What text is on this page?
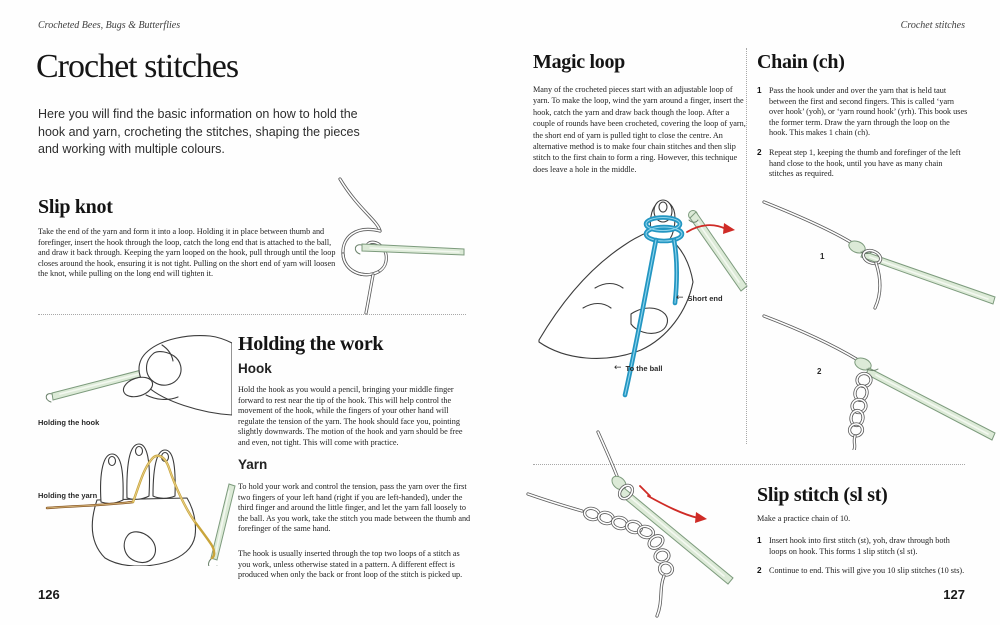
Crocheted Bees, Bugs & Butterflies
Crochet stitches
Here you will find the basic information on how to hold the hook and yarn, crocheting the stitches, shaping the pieces and working with multiple colours.
Slip knot
Take the end of the yarn and form it into a loop. Holding it in place between thumb and forefinger, insert the hook through the loop, catch the long end that is attached to the ball, and draw it back through. Keeping the yarn looped on the hook, pull through until the loop closes around the hook, ensuring it is not tight. Pulling on the short end of yarn will loosen the knot, while pulling on the long end will tighten it.
Holding the work
Hook
Hold the hook as you would a pencil, bringing your middle finger forward to rest near the tip of the hook. This will help control the movement of the hook, while the fingers of your other hand will regulate the tension of the yarn. The hook should face you, pointing slightly downwards. The motion of the hook and yarn should be free and even, not tight. This will come with practice.
Yarn
To hold your work and control the tension, pass the yarn over the first two fingers of your left hand (right if you are left-handed), under the third finger and around the little finger, and let the yarn fall loosely to the ball. As you work, take the stitch you made between the thumb and forefinger of the same hand.
The hook is usually inserted through the top two loops of a stitch as you work, unless otherwise stated in a pattern. A different effect is produced when only the back or front loop of the stitch is picked up.
Holding the hook
Holding the yarn
126
Crochet stitches
Magic loop
Many of the crocheted pieces start with an adjustable loop of yarn. To make the loop, wind the yarn around a finger, insert the hook, catch the yarn and draw back though the loop. After a couple of rounds have been crocheted, covering the loop of yarn, the short end of yarn is pulled tight to close the centre. An alternative method is to make four chain stitches and then slip stitch to the first chain to form a ring. However, this technique does leave a hole in the middle.
← Short end
← To the ball
Chain (ch)
1 Pass the hook under and over the yarn that is held taut between the first and second fingers. This is called ‘yarn over hook’ (yoh), or ‘yarn round hook’ (yrh). This book uses the former term. Draw the yarn through the loop on the hook. This makes 1 chain (ch).
2 Repeat step 1, keeping the thumb and forefinger of the left hand close to the hook, until you have as many chain stitches as required.
1
2
Slip stitch (sl st)
Make a practice chain of 10.
1 Insert hook into first stitch (st), yoh, draw through both loops on hook. This forms 1 slip stitch (sl st).
2 Continue to end. This will give you 10 slip stitches (10 sts).
127
